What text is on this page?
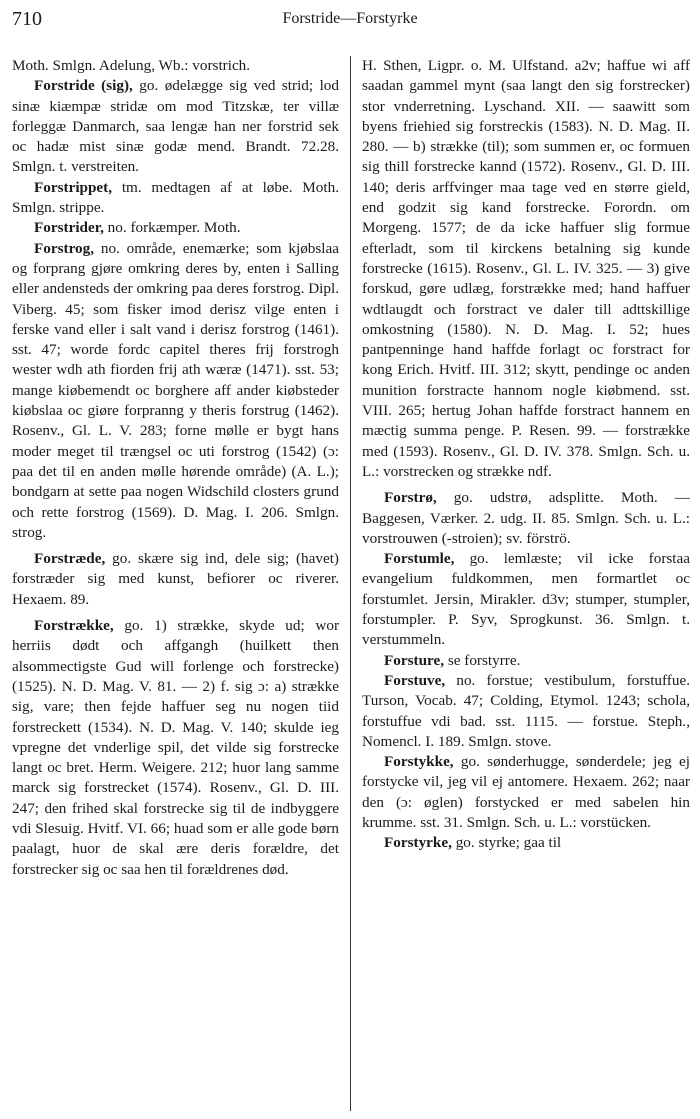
710	Forstride—Forstyrke

Moth. Smlgn. Adelung, Wb.: vorstrich.

Forstride (sig), go. ødelægge sig ved strid; lod sinæ kiæmpæ stridæ om mod Titzskæ, ter villæ forleggæ Danmarch, saa lengæ han ner forstrid sek oc hadæ mist sinæ godæ mend. Brandt. 72.28. Smlgn. t. verstreiten.

Forstrippet, tm. medtagen af at løbe. Moth. Smlgn. strippe.

Forstrider, no. forkæmper. Moth.

Forstrog, no. område, enemærke; som kjøbslaa og forprang gjøre omkring deres by, enten i Salling eller andensteds der omkring paa deres forstrog. Dipl. Viberg. 45; som fisker imod derisz vilge enten i ferske vand eller i salt vand i derisz forstrog (1461). sst. 47; worde fordc capitel theres frij forstrogh wester wdh ath fiorden frij ath wæræ (1471). sst. 53; mange kiøbemendt oc borghere aff ander kiøbsteder kiøbslaa oc giøre forpranng y theris forstrug (1462). Rosenv., Gl. L. V. 283; forne mølle er bygt hans moder meget til trængsel oc uti forstrog (1542) (ɔ: paa det til en anden mølle hørende område) (A. L.); bondgarn at sette paa nogen Widschild closters grund och rette forstrog (1569). D. Mag. I. 206. Smlgn. strog.

Forstræde, go. skære sig ind, dele sig; (havet) forstræder sig med kunst, befiorer oc riverer. Hexaem. 89.

Forstrække, go. 1) strække, skyde ud; wor herriis dødt och affgangh (huilkett then alsommectigste Gud will forlenge och forstrecke) (1525). N. D. Mag. V. 81. — 2) f. sig ɔ: a) strække sig, vare; then fejde haffuer seg nu nogen tiid forstreckett (1534). N. D. Mag. V. 140; skulde ieg vpregne det vnderlige spil, det vilde sig forstrecke langt oc bret. Herm. Weigere. 212; huor lang samme marck sig forstrecket (1574). Rosenv., Gl. D. III. 247; den frihed skal forstrecke sig til de indbyggere vdi Slesuig. Hvitf. VI. 66; huad som er alle gode børn paalagt, huor de skal ære deris forældre, det forstrecker sig oc saa hen til forældrenes død.

H. Sthen, Ligpr. o. M. Ulfstand. a2v; haffue wi aff saadan gammel mynt (saa langt den sig forstrecker) stor vnderretning. Lyschand. XII. — saawitt som byens friehied sig forstreckis (1583). N. D. Mag. II. 280. — b) strække (til); som summen er, oc formuen sig thill forstrecke kannd (1572). Rosenv., Gl. D. III. 140; deris arffvinger maa tage ved en større gield, end godzit sig kand forstrecke. Forordn. om Morgeng. 1577; de da icke haffuer slig formue efterladt, som til kirckens betalning sig kunde forstrecke (1615). Rosenv., Gl. L. IV. 325. — 3) give forskud, gøre udlæg, forstrække med; hand haffuer wdtlaugdt och forstract ve daler till adttskillige omkostning (1580). N. D. Mag. I. 52; hues pantpenninge hand haffde forlagt oc forstract for kong Erich. Hvitf. III. 312; skytt, pendinge oc anden munition forstracte hannom nogle kiøbmend. sst. VIII. 265; hertug Johan haffde forstract hannem en mæctig summa penge. P. Resen. 99. — forstrække med (1593). Rosenv., Gl. D. IV. 378. Smlgn. Sch. u. L.: vorstrecken og strække ndf.

Forstrø, go. udstrø, adsplitte. Moth. — Baggesen, Værker. 2. udg. II. 85. Smlgn. Sch. u. L.: vorstrouwen (-stroien); sv. förströ.

Forstumle, go. lemlæste; vil icke forstaa evangelium fuldkommen, men formartlet oc forstumlet. Jersin, Mirakler. d3v; stumper, stumpler, forstumpler. P. Syv, Sprogkunst. 36. Smlgn. t. verstummeln.

Forsture, se forstyrre.

Forstuve, no. forstue; vestibulum, forstuffue. Turson, Vocab. 47; Colding, Etymol. 1243; schola, forstuffue vdi bad. sst. 1115. — forstue. Steph., Nomencl. I. 189. Smlgn. stove.

Forstykke, go. sønderhugge, sønderdele; jeg ej forstycke vil, jeg vil ej antomere. Hexaem. 262; naar den (ɔ: øglen) forstycked er med sabelen hin krumme. sst. 31. Smlgn. Sch. u. L.: vorstücken.

Forstyrke, go. styrke; gaa til
